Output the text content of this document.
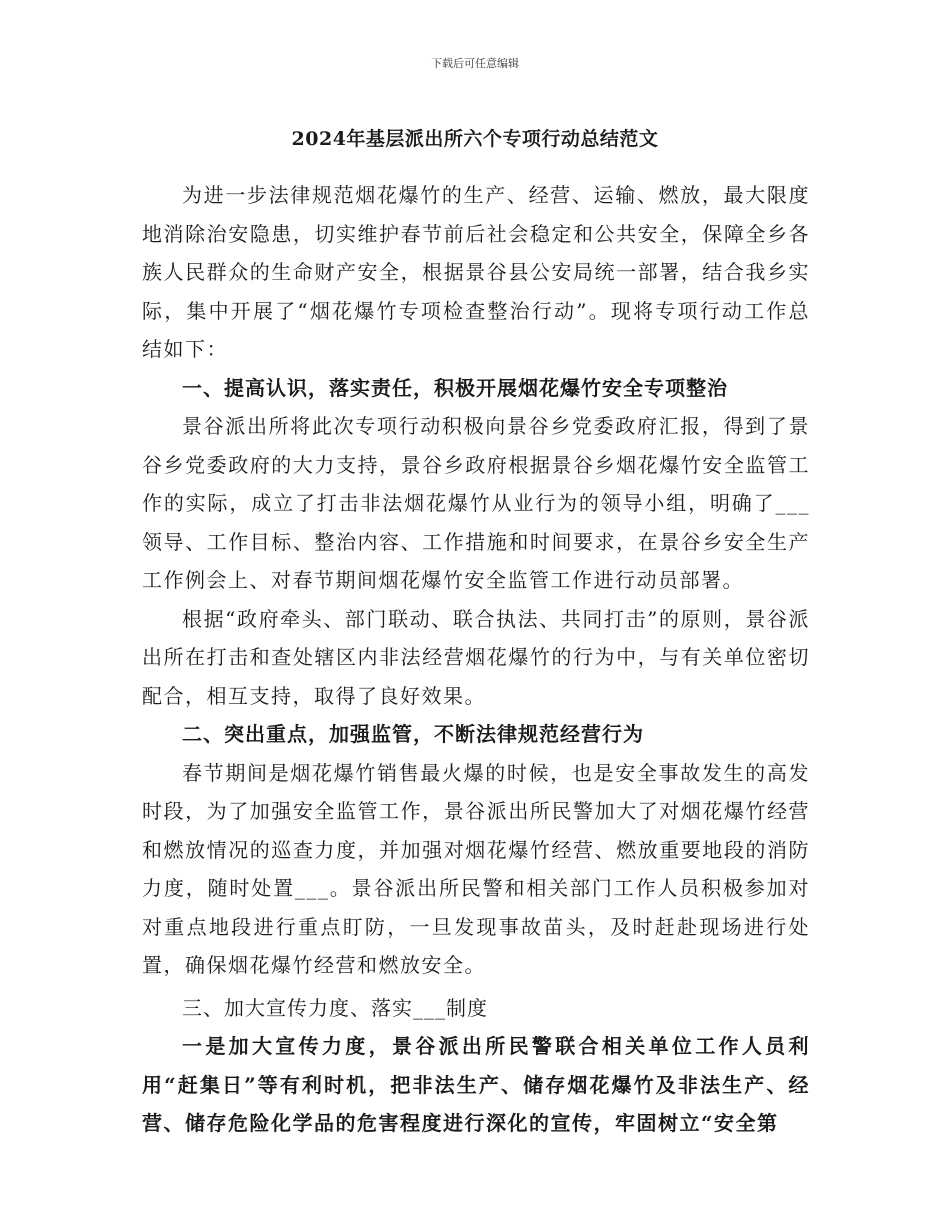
下载后可任意编辑
2024年基层派出所六个专项行动总结范文

为进一步法律规范烟花爆竹的生产、经营、运输、燃放，最大限度地消除治安隐患，切实维护春节前后社会稳定和公共安全，保障全乡各族人民群众的生命财产安全，根据景谷县公安局统一部署，结合我乡实际，集中开展了“烟花爆竹专项检查整治行动”。现将专项行动工作总结如下：

一、提高认识，落实责任，积极开展烟花爆竹安全专项整治

景谷派出所将此次专项行动积极向景谷乡党委政府汇报，得到了景谷乡党委政府的大力支持，景谷乡政府根据景谷乡烟花爆竹安全监管工作的实际，成立了打击非法烟花爆竹从业行为的领导小组，明确了___领导、工作目标、整治内容、工作措施和时间要求，在景谷乡安全生产工作例会上、对春节期间烟花爆竹安全监管工作进行动员部署。

根据“政府牵头、部门联动、联合执法、共同打击”的原则，景谷派出所在打击和查处辖区内非法经营烟花爆竹的行为中，与有关单位密切配合，相互支持，取得了良好效果。

二、突出重点，加强监管，不断法律规范经营行为

春节期间是烟花爆竹销售最火爆的时候，也是安全事故发生的高发时段，为了加强安全监管工作，景谷派出所民警加大了对烟花爆竹经营和燃放情况的巡查力度，并加强对烟花爆竹经营、燃放重要地段的消防力度，随时处置___。景谷派出所民警和相关部门工作人员积极参加对对重点地段进行重点盯防，一旦发现事故苗头，及时赶赴现场进行处置，确保烟花爆竹经营和燃放安全。

三、加大宣传力度、落实___制度

一是加大宣传力度，景谷派出所民警联合相关单位工作人员利用“赶集日”等有利时机，把非法生产、储存烟花爆竹及非法生产、经营、储存危险化学品的危害程度进行深化的宣传，牢固树立“安全第
